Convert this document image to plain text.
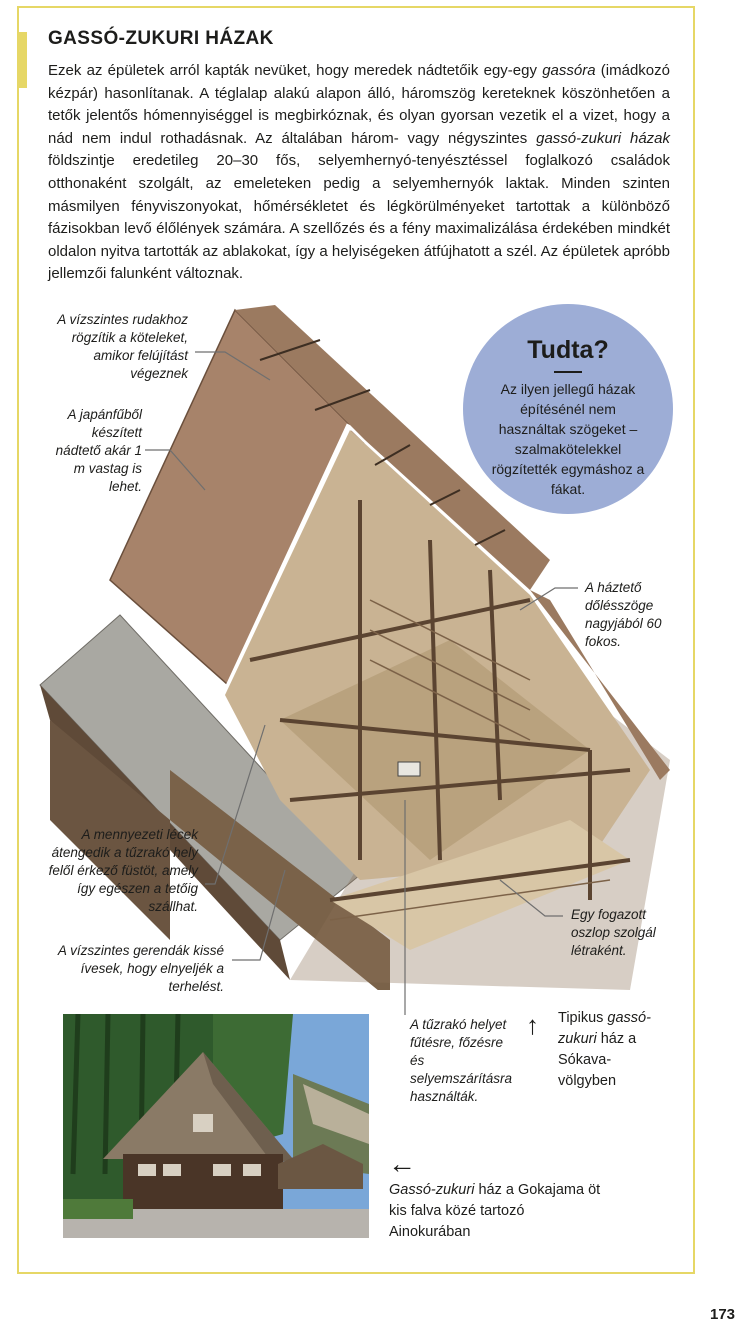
GASSÓ-ZUKURI HÁZAK
Ezek az épületek arról kapták nevüket, hogy meredek nádtetőik egy-egy gassóra (imádkozó kézpár) hasonlítanak. A téglalap alakú alapon álló, háromszög kereteknek köszönhetően a tetők jelentős hómennyiséggel is megbirkóznak, és olyan gyorsan vezetik el a vizet, hogy a nád nem indul rothadásnak. Az általában három- vagy négyszintes gassó-zukuri házak földszintje eredetileg 20–30 fős, selyemhernyó-tenyésztéssel foglalkozó családok otthonaként szolgált, az emeleteken pedig a selyemhernyók laktak. Minden szinten másmilyen fényviszonyokat, hőmérsékletet és légkörülményeket tartottak a különböző fázisokban levő élőlények számára. A szellőzés és a fény maximalizálása érdekében mindkét oldalon nyitva tartották az ablakokat, így a helyiségeken átfújhatott a szél. Az épületek apróbb jellemzői falunként változnak.
A vízszintes rudakhoz rögzítik a köteleket, amikor felújítást végeznek
A japánfűből készített nádtető akár 1 m vastag is lehet.
A háztető dőlésszöge nagyjából 60 fokos.
A mennyezeti lécek átengedik a tűzrakó hely felől érkező füstöt, amely így egészen a tetőig szállhat.
A vízszintes gerendák kissé ívesek, hogy elnyeljék a terhelést.
Egy fogazott oszlop szolgál létraként.
A tűzrakó helyet fűtésre, főzésre és selyemszárításra használták.
Tudta?
Az ilyen jellegű házak építésénél nem használtak szögeket – szalmakötelekkel rögzítették egymáshoz a fákat.
↑ Tipikus gassó-zukuri ház a Sókava-völgyben
←
Gassó-zukuri ház a Gokajama öt kis falva közé tartozó Ainokurában
173
